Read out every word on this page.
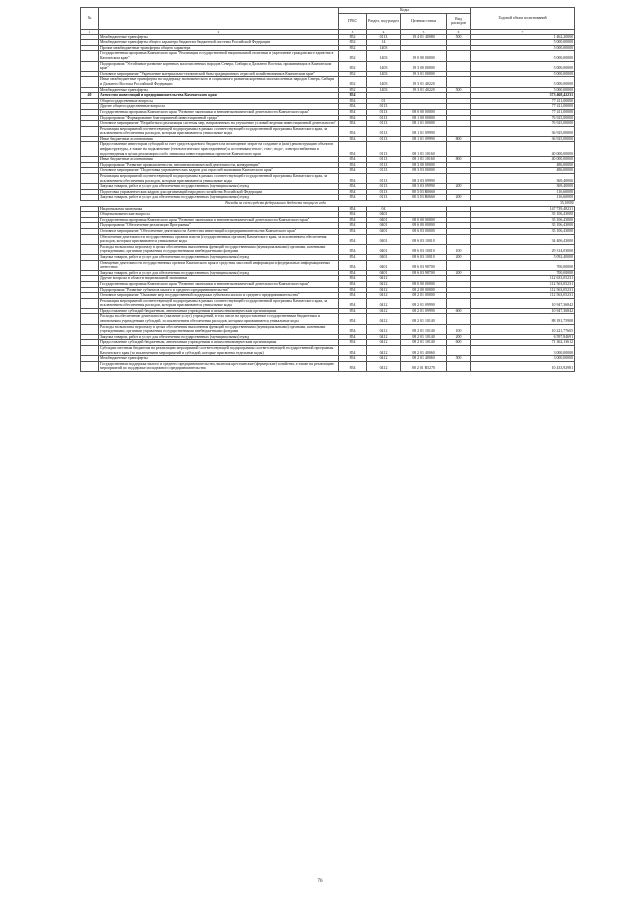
№		Коды				Годовой объем ассигнований
		ГРБС	Раздел, под-раздел	Целевая статья	Вид расходов	
1	2	3	4	5	6	7
	Межбюджетные трансферты	852	0113	19 4 01 40080	500	1 462,20000
	Межбюджетные трансферты общего характера бюджетам бюджетной системы Российской Федерации	852	14			5 000,00000
	Прочие межбюджетные трансферты общего характера	852	1403			5 000,00000
	Государственная программа Камчатского края "Реализация государственной национальной политики и укрепление гражданского единства в Камчатском крае"	852	1403	19 0 00 00000		5 000,00000
	Подпрограмма "Устойчивое развитие коренных малочисленных народов Севера, Сибири и Дальнего Востока, проживающих в Камчатском крае"	852	1403	19 3 00 00000		5 000,00000
	Основное мероприятие "Укрепление материально-технической базы традиционных отраслей хозяйствования в Камчатском крае"	852	1403	19 3 01 00000		5 000,00000
	Иные межбюджетные трансферты на поддержку экономического и социального развития коренных малочисленных народов Севера, Сибири и Дальнего Востока Российской Федерации	852	1403	19 3 01 40220		5 000,00000
	Межбюджетные трансферты	852	1403	19 3 01 40220	500	5 000,00000
40	Агентство инвестиций и предпринимательства Камчатского края	854				373 468,42231
	Общегосударственные вопросы	854	01			77 411,00000
	Другие общегосударственные вопросы	854	0113			77 411,00000
	Государственная программа Камчатского края "Развитие экономики и внешнеэкономической деятельности Камчатского края"	854	0113	08 0 00 00000		77 411,00000
	Подпрограмма "Формирование благоприятной инвестиционной среды"	854	0113	08 1 00 00000		76 925,00000
	Основное мероприятие "Разработка и реализация системы мер, направленных на улучшение условий ведения инвестиционной деятельности"	854	0113	08 1 01 00000		76 925,00000
	Реализация мероприятий соответствующей подпрограммы в рамках соответствующей государственной программы Камчатского края, за исключением обеспечения расходов, которым присваиваются уникальные коды	854	0113	08 1 01 09990		36 925,00000
	Иные бюджетные ассигнования	854	0113	08 1 01 09990	800	36 925,00000
	Предоставление инвесторам субсидий за счет средств краевого бюджета на возмещение затрат на создание и (или) реконструкцию объектов инфраструктуры, а также на подключение (технологическое присоединение) к источникам тепло-, газо-, водо-, электроснабжения и водоотведения в целях реализации особо значимых инвестиционных проектов Камчатского края	854	0113	08 1 01 10160		40 000,00000
	Иные бюджетные ассигнования	854	0113	08 1 01 10160	800	40 000,00000
	Подпрограмма "Развитие промышленности, внешнеэкономической деятельности, конкуренции"	854	0113	08 3 00 00000		486,00000
	Основное мероприятие "Подготовка управленческих кадров для отраслей экономики Камчатского края"	854	0113	08 3 03 00000		486,00000
	Реализация мероприятий соответствующей подпрограммы в рамках соответствующей государственной программы Камчатского края, за исключением обеспечения расходов, которым присваиваются уникальные коды	854	0113	08 3 03 09990		369,40000
	Закупка товаров, работ и услуг для обеспечения государственных (муниципальных) нужд	854	0113	08 3 03 09990	200	369,40000
	Подготовка управленческих кадров для организаций народного хозяйства Российской Федерации	854	0113	08 3 03 R0660		116,60000
	Закупка товаров, работ и услуг для обеспечения государственных (муниципальных) нужд	854	0113	08 3 03 R0660	200	116,60000
Расходы за счет средств федерального бюджета текущего года						35,10000
	Национальная экономика	854	04			147 739,48231
	Общеэкономические вопросы	854	0401			35 106,43000
	Государственная программа Камчатского края "Развитие экономики и внешнеэкономической деятельности Камчатского края"	854	0401	08 0 00 00000		35 106,43000
	Подпрограмма "Обеспечение реализации Программы"	854	0401	08 6 00 00000		35 106,43000
	Основное мероприятие "Обеспечение деятельности Агентства инвестиций и предпринимательства Камчатского края"	854	0401	08 6 03 00000		35 106,43000
	Обеспечение деятельности государственных органов власти (государственных органов) Камчатского края, за исключением обеспечения расходов, которым присваиваются уникальные коды	854	0401	08 6 03 10010		34 406,43000
	Расходы на выплаты персоналу в целях обеспечения выполнения функций государственными (муниципальными) органами, казенными учреждениями, органами управления государственными внебюджетными фондами	854	0401	08 6 03 10010	100	29 314,03000
	Закупка товаров, работ и услуг для обеспечения государственных (муниципальных) нужд	854	0401	08 6 03 10010	200	5 092,40000
	Освещение деятельности государственных органов Камчатского края в средствах массовой информации и федеральных информационных агентствах	854	0401	08 6 03 98700		700,00000
	Закупка товаров, работ и услуг для обеспечения государственных (муниципальных) нужд	854	0401	08 6 03 98700	200	700,00000
	Другие вопросы в области национальной экономики	854	0412			112 633,05231
	Государственная программа Камчатского края "Развитие экономики и внешнеэкономической деятельности Камчатского края"	854	0412	08 0 00 00000		112 563,05231
	Подпрограмма "Развитие субъектов малого и среднего предпринимательства"	854	0412	08 2 00 00000		112 563,05231
	Основное мероприятие "Оказание мер государственной поддержки субъектам малого и среднего предпринимательства"	854	0412	08 2 01 00000		112 563,05231
	Реализация мероприятий соответствующей подпрограммы в рамках соответствующей государственной программы Камчатского края, за исключением обеспечения расходов, которым присваиваются уникальные коды	854	0412	08 2 01 09990		10 947,36842
	Предоставление субсидий бюджетным, автономным учреждениям и иным некоммерческим организациям	854	0412	08 2 01 09990	600	10 947,36842
	Расходы на обеспечение деятельности (оказание услуг) учреждений, в том числе на предоставление государственным бюджетным и автономным учреждениям субсидий, за исключением обеспечения расходов, которым присваиваются уникальные коды	854	0412	08 2 01 10140		88 181,75908
	Расходы на выплаты персоналу в целях обеспечения выполнения функций государственными (муниципальными) органами, казенными учреждениями, органами управления государственными внебюджетными фондами	854	0412	08 2 01 10140	100	10 221,77605
	Закупка товаров, работ и услуг для обеспечения государственных (муниципальных) нужд	854	0412	08 2 01 10140	200	6 597,84691
	Предоставление субсидий бюджетным, автономным учреждениям и иным некоммерческим организациям	854	0412	08 2 01 10140	600	71 362,13612
	Субсидии местным бюджетам на реализацию мероприятий соответствующей подпрограммы соответствующей государственной программы Камчатского края (за исключением мероприятий и субсидий, которые присвоены отдельные коды)	854	0412	08 2 01 40060		3 000,00000
	Межбюджетные трансферты	854	0412	08 2 01 40060	500	3 000,00000
	Государственная поддержка малого и среднего предпринимательства, включая крестьянские (фермерские) хозяйства, а также на реализацию мероприятий по поддержке молодежного предпринимательства	854	0412	08 2 01 R5270		10 433,92981
76
